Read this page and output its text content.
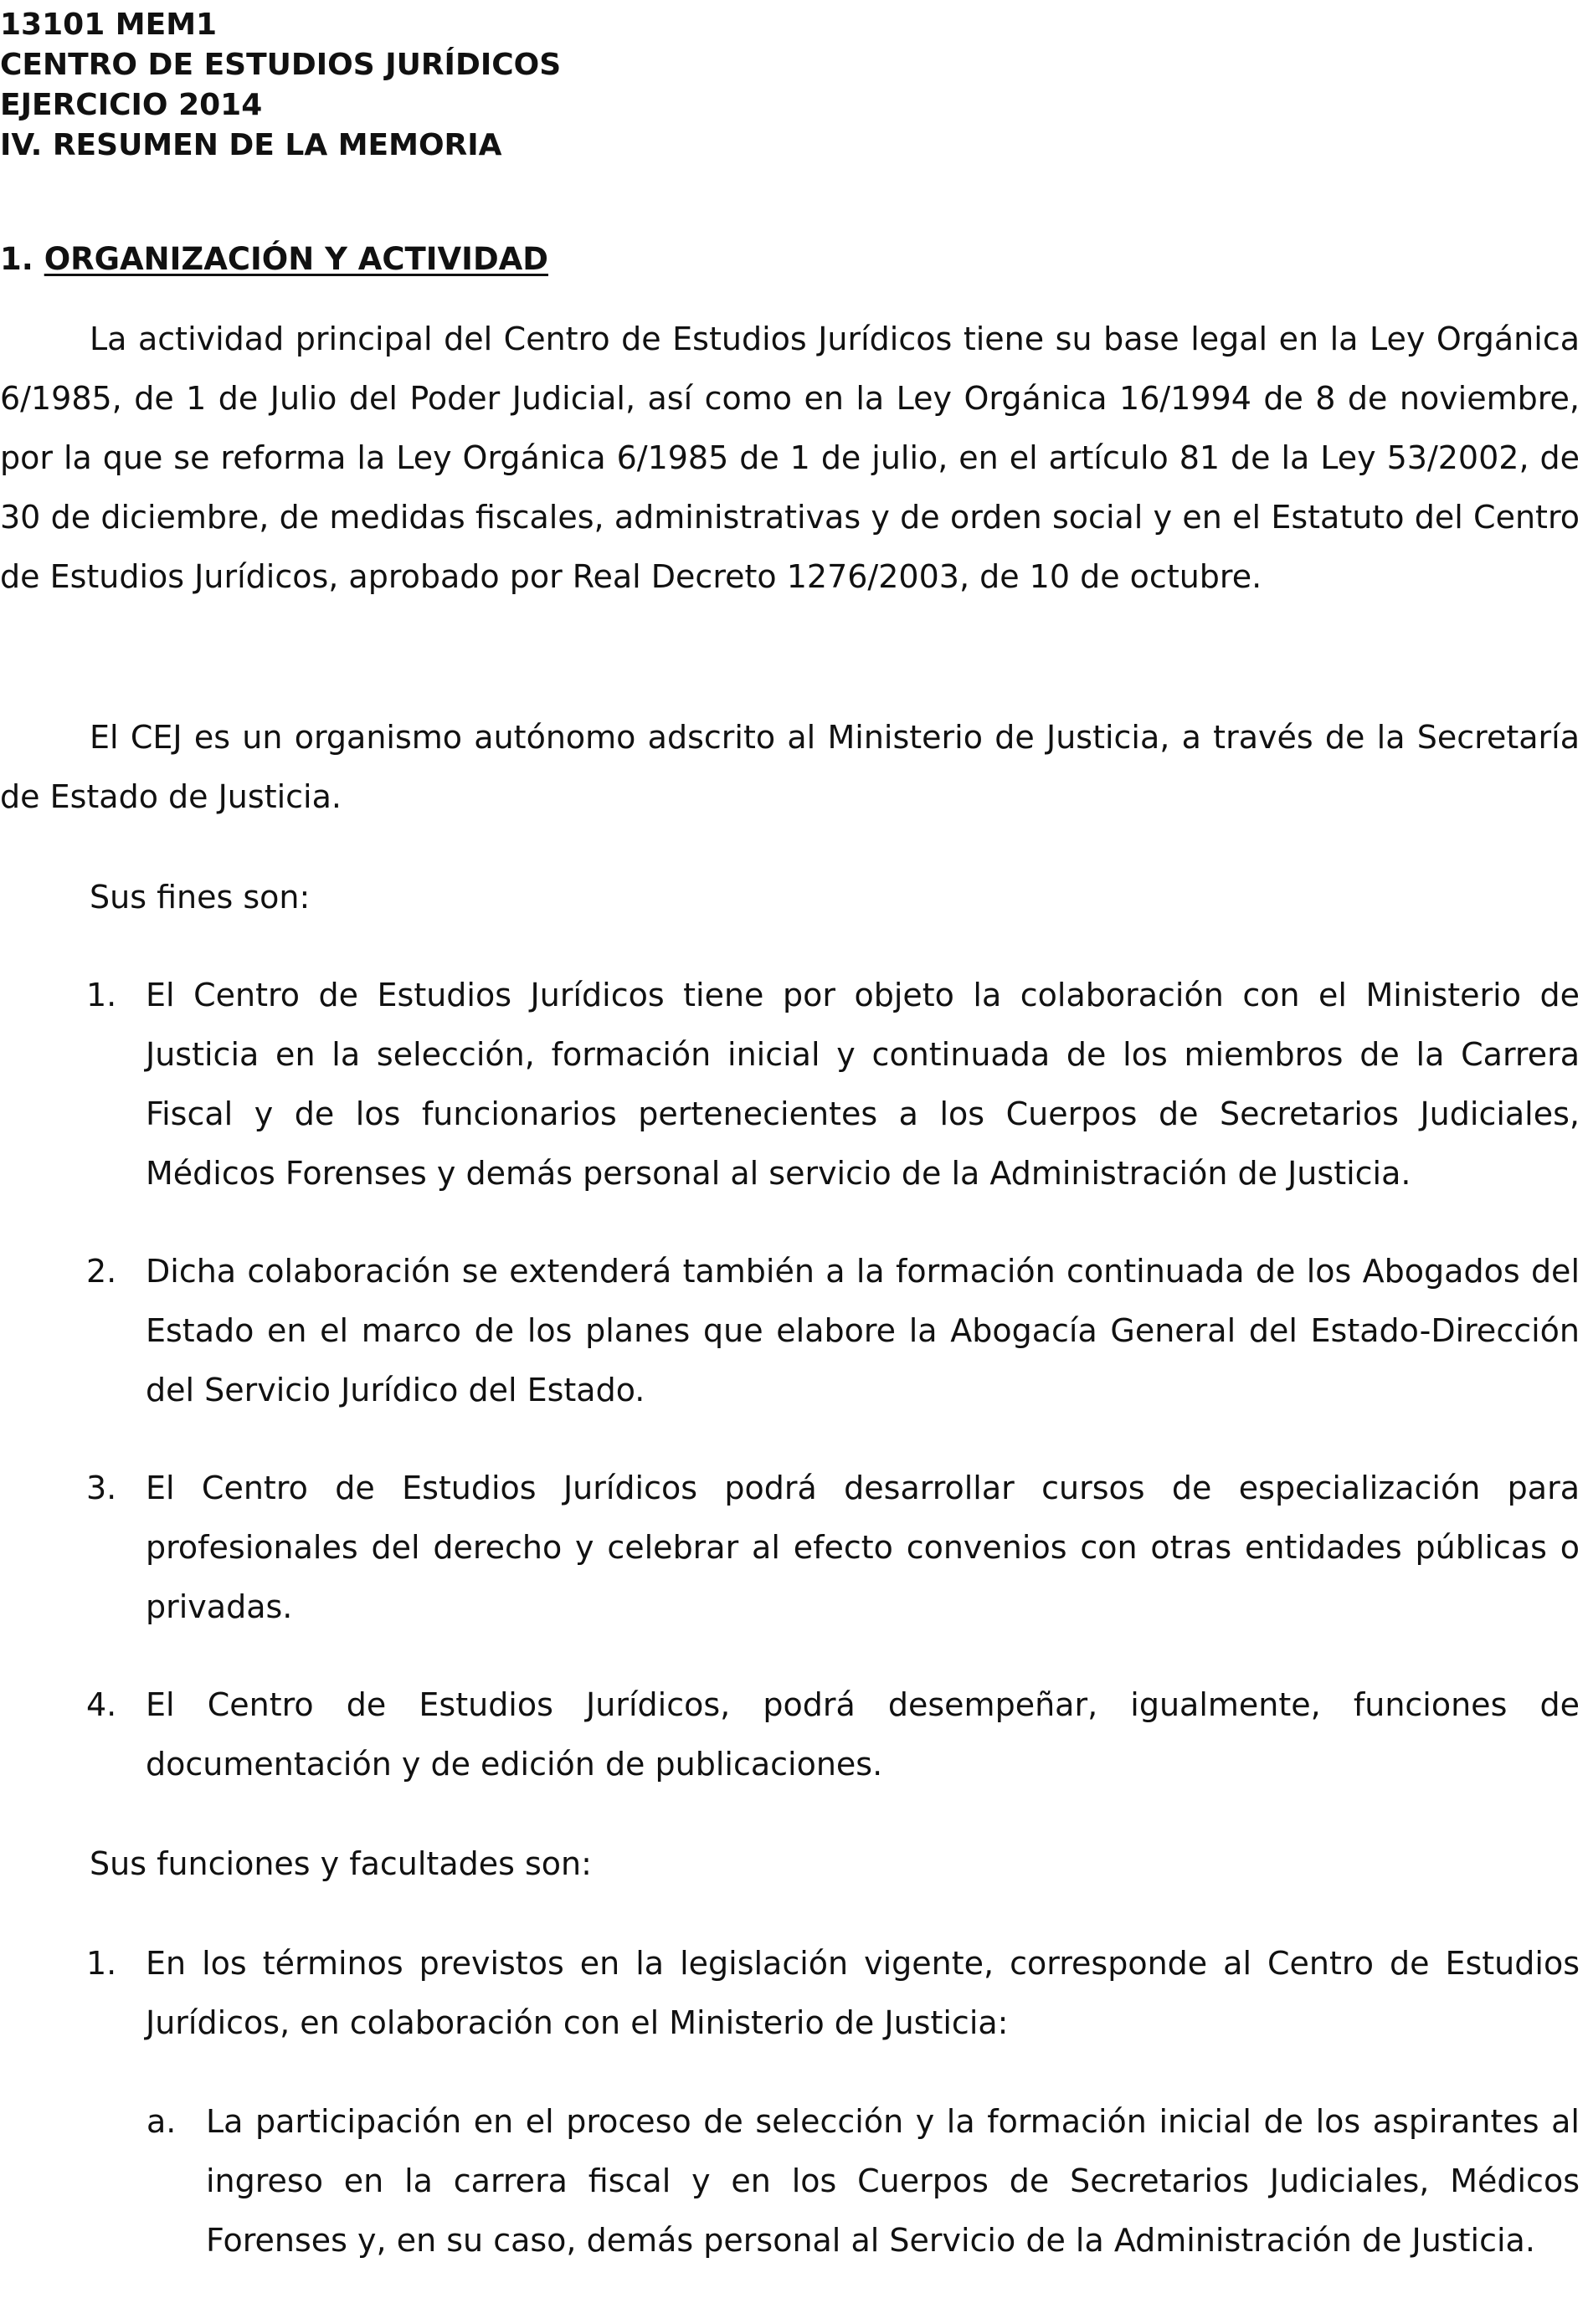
13101 MEM1
CENTRO DE ESTUDIOS JURÍDICOS
EJERCICIO 2014
IV. RESUMEN DE LA MEMORIA
1. ORGANIZACIÓN Y ACTIVIDAD
La actividad principal del Centro de Estudios Jurídicos tiene su base legal en la Ley Orgánica 6/1985, de 1 de Julio del Poder Judicial, así como en la Ley Orgánica 16/1994 de 8 de noviembre, por la que se reforma la Ley Orgánica 6/1985 de 1 de julio, en el artículo 81 de la Ley 53/2002, de 30 de diciembre, de medidas fiscales, administrativas y de orden social y en el Estatuto del Centro de Estudios Jurídicos, aprobado por Real Decreto 1276/2003, de 10 de octubre.
El CEJ es un organismo autónomo adscrito al Ministerio de Justicia, a través de la Secretaría de Estado de Justicia.
Sus fines son:
1. El Centro de Estudios Jurídicos tiene por objeto la colaboración con el Ministerio de Justicia en la selección, formación inicial y continuada de los miembros de la Carrera Fiscal y de los funcionarios pertenecientes a los Cuerpos de Secretarios Judiciales, Médicos Forenses y demás personal al servicio de la Administración de Justicia.
2. Dicha colaboración se extenderá también a la formación continuada de los Abogados del Estado en el marco de los planes que elabore la Abogacía General del Estado-Dirección del Servicio Jurídico del Estado.
3. El Centro de Estudios Jurídicos podrá desarrollar cursos de especialización para profesionales del derecho y celebrar al efecto convenios con otras entidades públicas o privadas.
4. El Centro de Estudios Jurídicos, podrá desempeñar, igualmente, funciones de documentación y de edición de publicaciones.
Sus funciones y facultades son:
1. En los términos previstos en la legislación vigente, corresponde al Centro de Estudios Jurídicos, en colaboración con el Ministerio de Justicia:
a. La participación en el proceso de selección y la formación inicial de los aspirantes al ingreso en la carrera fiscal y en los Cuerpos de Secretarios Judiciales, Médicos Forenses y, en su caso, demás personal al Servicio de la Administración de Justicia.
